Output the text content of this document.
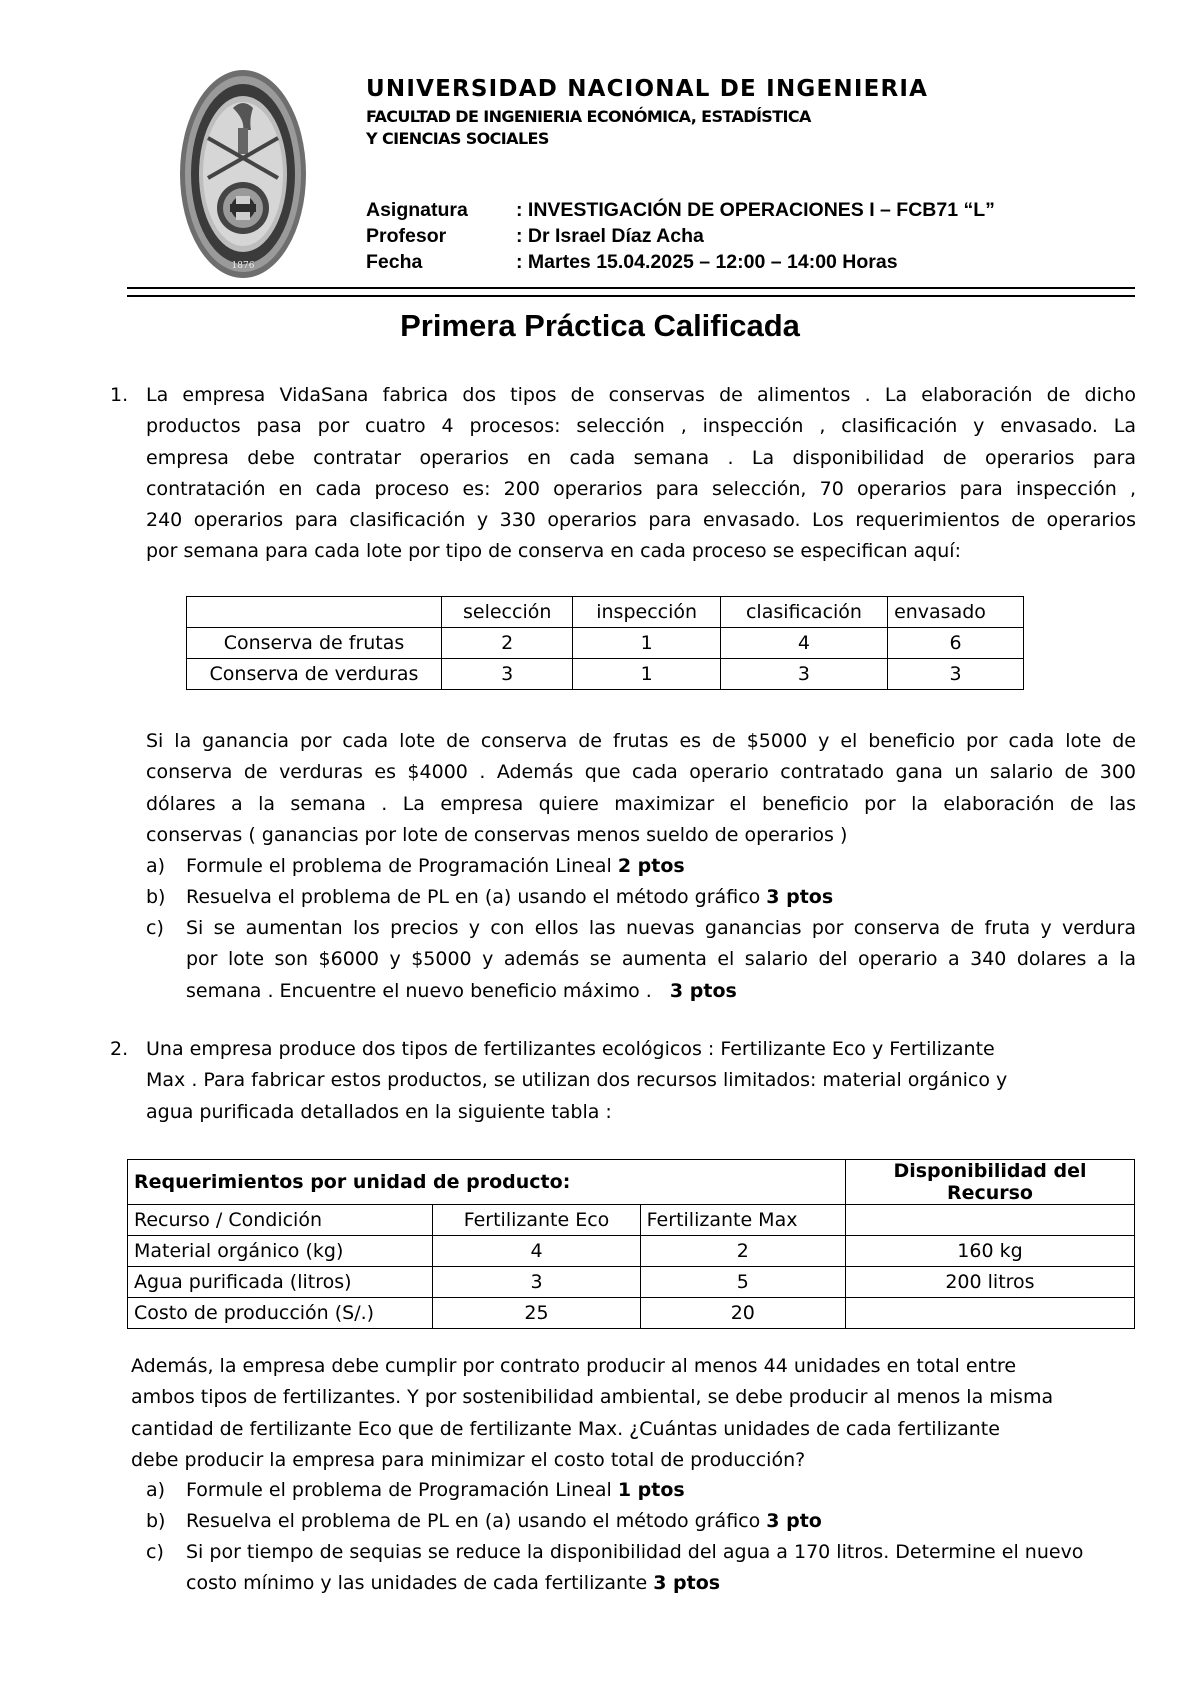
1876
UNIVERSIDAD NACIONAL DE INGENIERIA
FACULTAD DE INGENIERIA ECONÓMICA, ESTADÍSTICA
Y CIENCIAS SOCIALES
Asignatura	: INVESTIGACIÓN DE OPERACIONES I – FCB71 “L”
Profesor	: Dr Israel Díaz Acha
Fecha	: Martes 15.04.2025 – 12:00 – 14:00 Horas
Primera Práctica Calificada
1. La empresa VidaSana fabrica dos tipos de conservas de alimentos . La elaboración de dicho
productos pasa por cuatro 4 procesos: selección , inspección , clasificación y envasado. La
empresa debe contratar operarios en cada semana . La disponibilidad de operarios para
contratación en cada proceso es: 200 operarios para selección, 70 operarios para inspección ,
240 operarios para clasificación y 330 operarios para envasado. Los requerimientos de operarios
por semana para cada lote por tipo de conserva en cada proceso se especifican aquí:
	selección	inspección	clasificación	envasado
Conserva de frutas	2	1	4	6
Conserva de verduras	3	1	3	3
Si la ganancia por cada lote de conserva de frutas es de $5000 y el beneficio por cada lote de
conserva de verduras es $4000 . Además que cada operario contratado gana un salario de 300
dólares a la semana . La empresa quiere maximizar el beneficio por la elaboración de las
conservas ( ganancias por lote de conservas menos sueldo de operarios )
a) Formule el problema de Programación Lineal 2 ptos
b) Resuelva el problema de PL en (a) usando el método gráfico 3 ptos
c) Si se aumentan los precios y con ellos las nuevas ganancias por conserva de fruta y verdura
por lote son $6000 y $5000 y además se aumenta el salario del operario a 340 dolares a la
semana . Encuentre el nuevo beneficio máximo .   3 ptos
2. Una empresa produce dos tipos de fertilizantes ecológicos : Fertilizante Eco y Fertilizante
Max . Para fabricar estos productos, se utilizan dos recursos limitados: material orgánico y
agua purificada detallados en la siguiente tabla :
Requerimientos por unidad de producto:			Disponibilidad del Recurso
Recurso / Condición	Fertilizante Eco	Fertilizante Max	
Material orgánico (kg)	4	2	160 kg
Agua purificada (litros)	3	5	200 litros
Costo de producción (S/.)	25	20	
Además, la empresa debe cumplir por contrato producir al menos 44 unidades en total entre
ambos tipos de fertilizantes. Y por sostenibilidad ambiental, se debe producir al menos la misma
cantidad de fertilizante Eco que de fertilizante Max. ¿Cuántas unidades de cada fertilizante
debe producir la empresa para minimizar el costo total de producción?
a) Formule el problema de Programación Lineal 1 ptos
b) Resuelva el problema de PL en (a) usando el método gráfico 3 pto
c) Si por tiempo de sequias se reduce la disponibilidad del agua a 170 litros. Determine el nuevo
costo mínimo y las unidades de cada fertilizante 3 ptos
